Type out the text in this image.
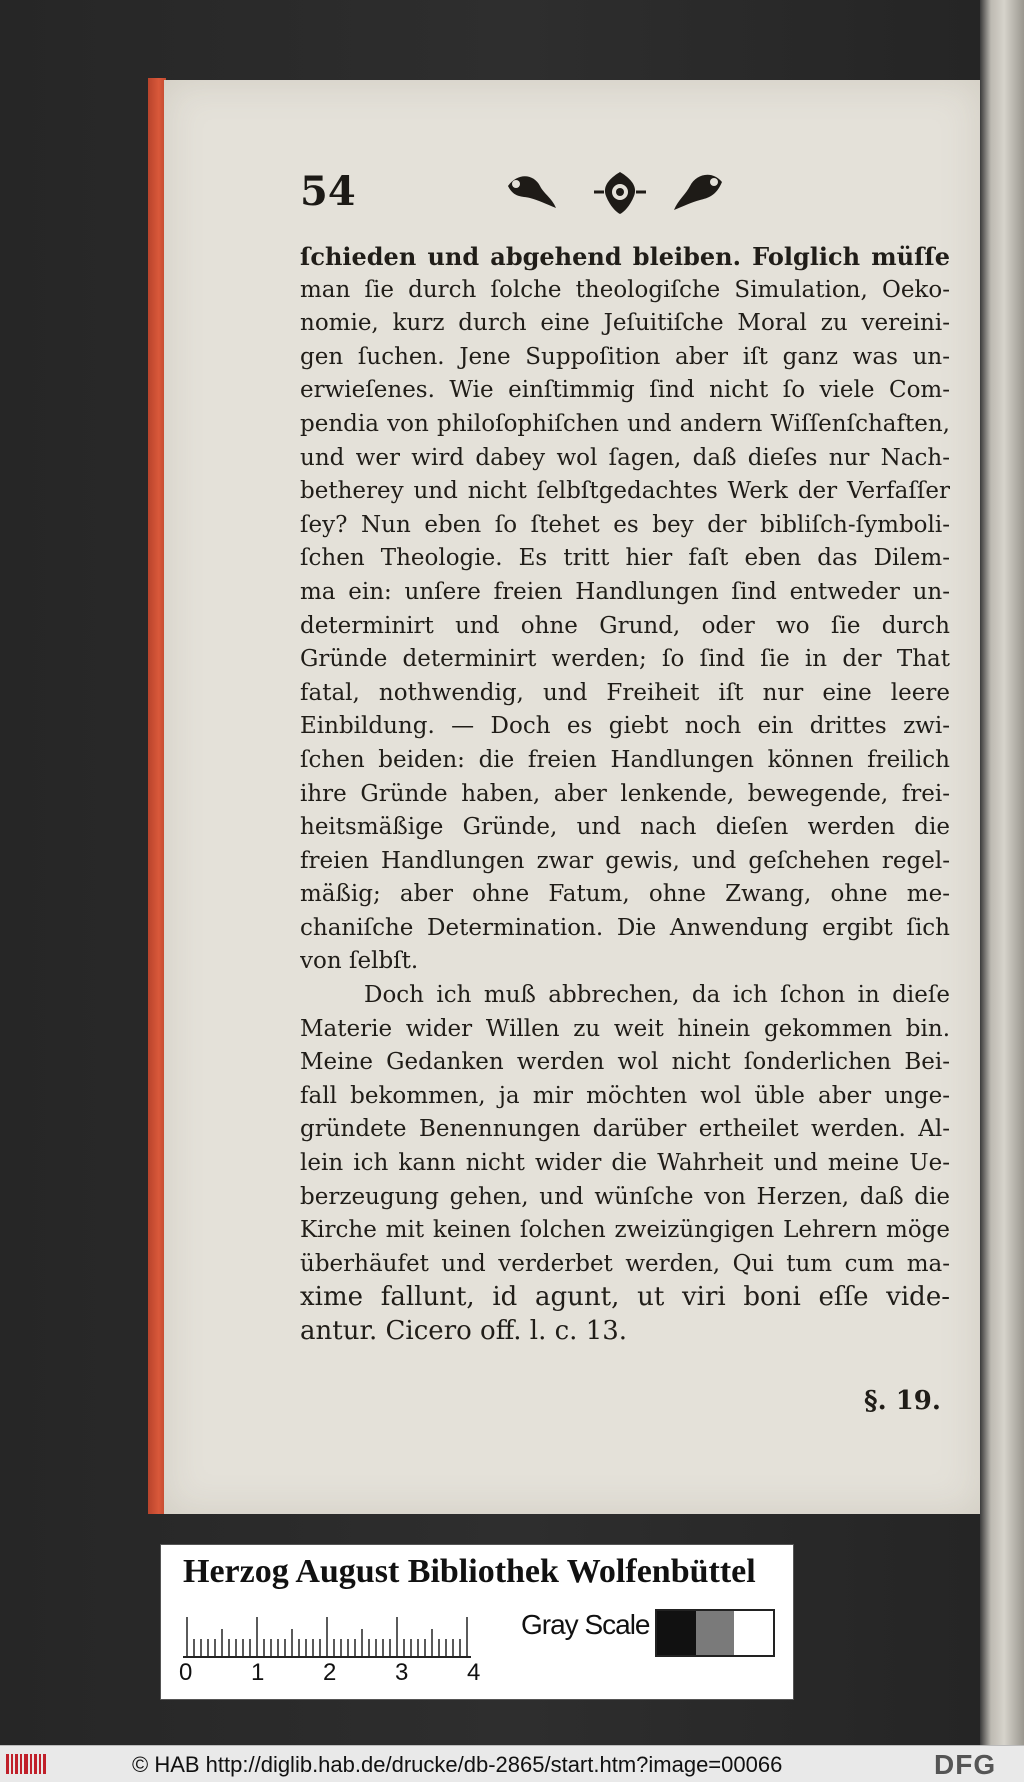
54
ſchieden und abgehend bleiben. Folglich müſſe
man ſie durch ſolche theologiſche Simulation, Oeko-
nomie, kurz durch eine Jeſuitiſche Moral zu vereini-
gen ſuchen. Jene Suppoſition aber iſt ganz was un-
erwieſenes. Wie einſtimmig ſind nicht ſo viele Com-
pendia von philoſophiſchen und andern Wiſſenſchaften,
und wer wird dabey wol ſagen, daß dieſes nur Nach-
betherey und nicht ſelbſtgedachtes Werk der Verfaſſer
ſey? Nun eben ſo ſtehet es bey der bibliſch-ſymboli-
ſchen Theologie. Es tritt hier faſt eben das Dilem-
ma ein: unſere freien Handlungen ſind entweder un-
determinirt und ohne Grund, oder wo ſie durch
Gründe determinirt werden; ſo ſind ſie in der That
fatal, nothwendig, und Freiheit iſt nur eine leere
Einbildung. — Doch es giebt noch ein drittes zwi-
ſchen beiden: die freien Handlungen können freilich
ihre Gründe haben, aber lenkende, bewegende, frei-
heitsmäßige Gründe, und nach dieſen werden die
freien Handlungen zwar gewis, und geſchehen regel-
mäßig; aber ohne Fatum, ohne Zwang, ohne me-
chaniſche Determination. Die Anwendung ergibt ſich
von ſelbſt.
Doch ich muß abbrechen, da ich ſchon in dieſe
Materie wider Willen zu weit hinein gekommen bin.
Meine Gedanken werden wol nicht ſonderlichen Bei-
fall bekommen, ja mir möchten wol üble aber unge-
gründete Benennungen darüber ertheilet werden. Al-
lein ich kann nicht wider die Wahrheit und meine Ue-
berzeugung gehen, und wünſche von Herzen, daß die
Kirche mit keinen ſolchen zweizüngigen Lehrern möge
überhäufet und verderbet werden, Qui tum cum ma-
xime fallunt, id agunt, ut viri boni eſſe vide-
antur. Cicero off. l. c. 13.
§. 19.
Herzog August Bibliothek Wolfenbüttel
0 1 2 3 4
Gray Scale
© HAB http://diglib.hab.de/drucke/db-2865/start.htm?image=00066	DFG
